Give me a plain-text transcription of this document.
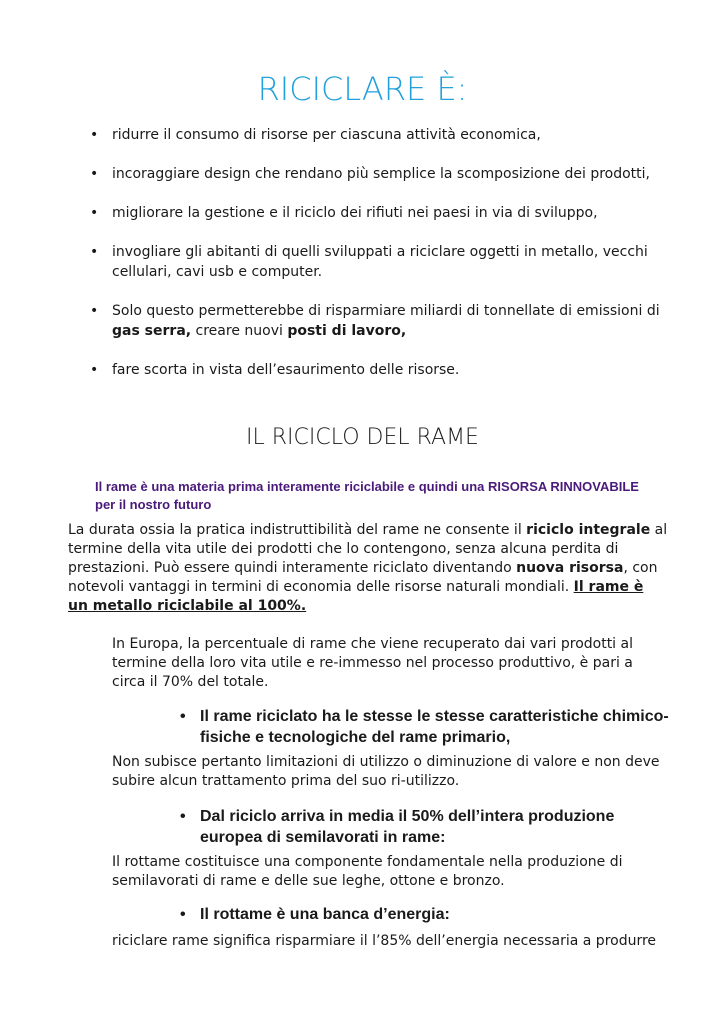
RICICLARE È:
• ridurre il consumo di risorse per ciascuna attività economica,
• incoraggiare design che rendano più semplice la scomposizione dei prodotti,
• migliorare la gestione e il riciclo dei rifiuti nei paesi in via di sviluppo,
• invogliare gli abitanti di quelli sviluppati a riciclare oggetti in metallo, vecchi cellulari, cavi usb e computer.
• Solo questo permetterebbe di risparmiare miliardi di tonnellate di emissioni di gas serra, creare nuovi posti di lavoro,
• fare scorta in vista dell’esaurimento delle risorse.
IL RICICLO DEL RAME

Il rame è una materia prima interamente riciclabile e quindi una RISORSA RINNOVABILE per il nostro futuro

La durata ossia la pratica indistruttibilità del rame ne consente il riciclo integrale al termine della vita utile dei prodotti che lo contengono, senza alcuna perdita di prestazioni. Può essere quindi interamente riciclato diventando nuova risorsa, con notevoli vantaggi in termini di economia delle risorse naturali mondiali. Il rame è un metallo riciclabile al 100%.

In Europa, la percentuale di rame che viene recuperato dai vari prodotti al termine della loro vita utile e re-immesso nel processo produttivo, è pari a circa il 70% del totale.

• Il rame riciclato ha le stesse le stesse caratteristiche chimico-fisiche e tecnologiche del rame primario,

Non subisce pertanto limitazioni di utilizzo o diminuzione di valore e non deve subire alcun trattamento prima del suo ri-utilizzo.

• Dal riciclo arriva in media il 50% dell’intera produzione europea di semilavorati in rame:

Il rottame costituisce una componente fondamentale nella produzione di semilavorati di rame e delle sue leghe, ottone e bronzo.

• Il rottame è una banca d’energia:

riciclare rame significa risparmiare il l’85% dell’energia necessaria a produrre
